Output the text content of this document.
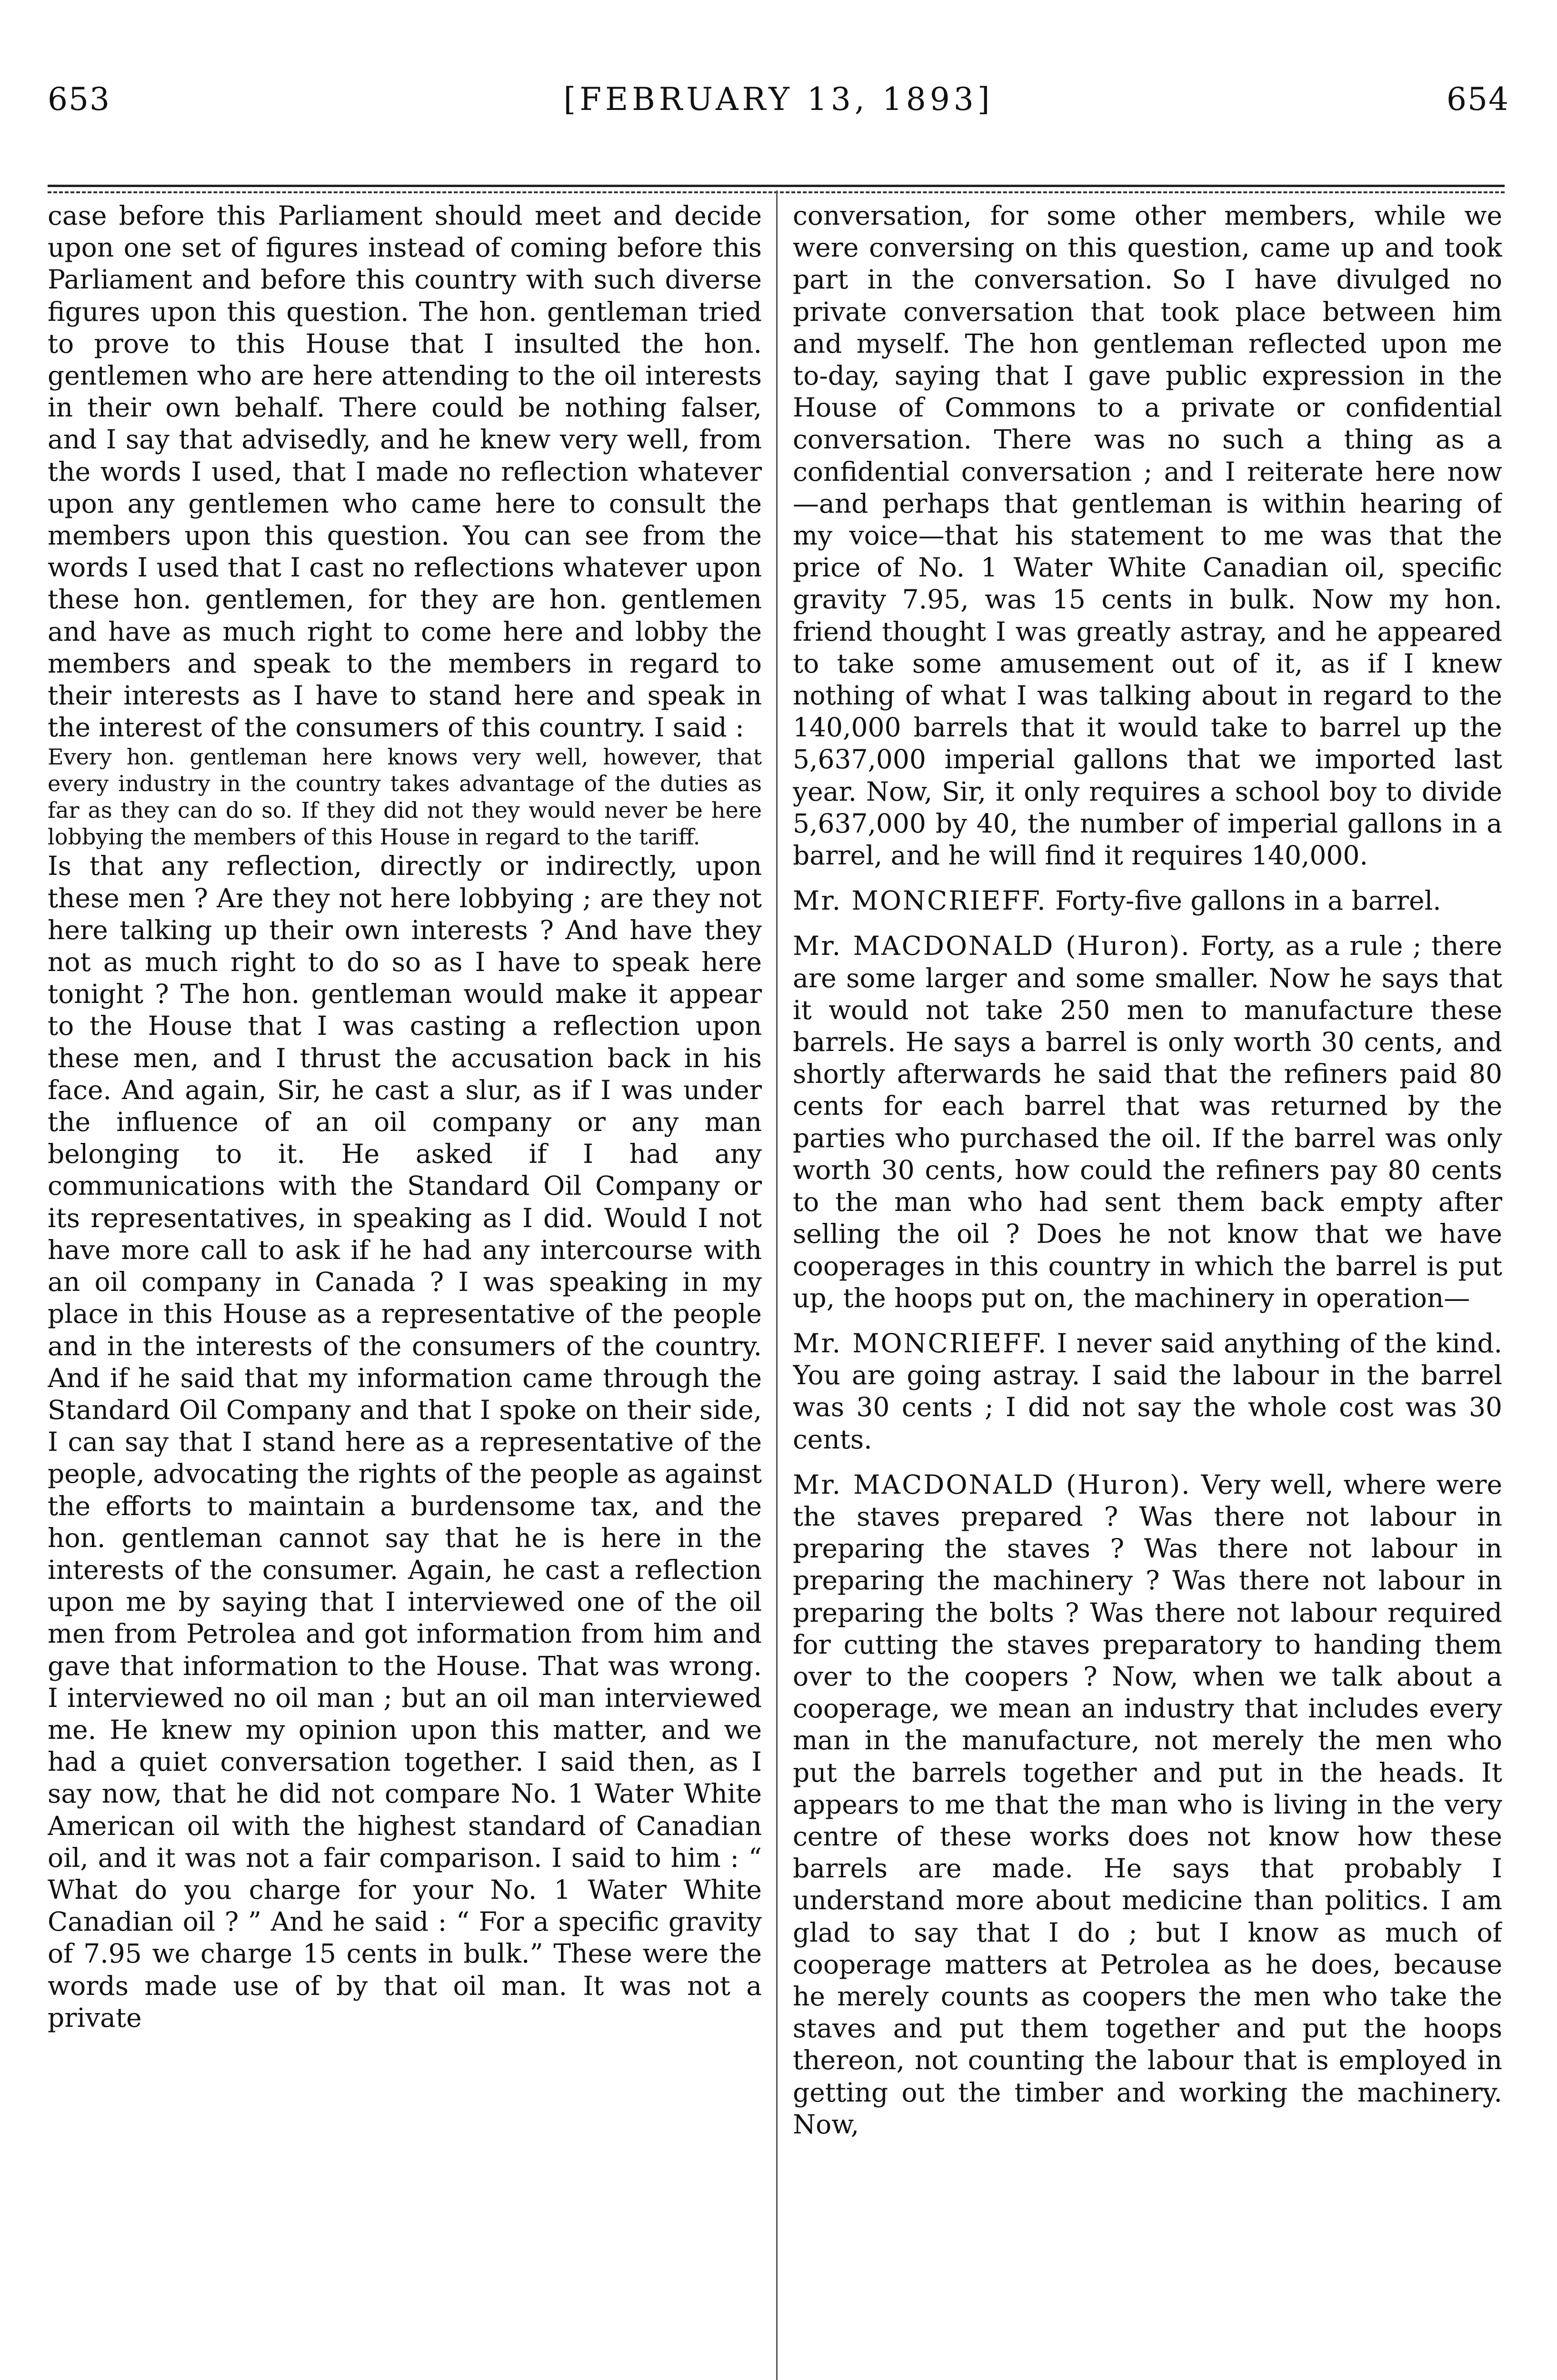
653	[FEBRUARY 13, 1893]	654

case before this Parliament should meet and decide upon one set of figures instead of coming before this Parliament and before this country with such diverse figures upon this question. The hon. gentleman tried to prove to this House that I insulted the hon. gentlemen who are here attending to the oil interests in their own behalf. There could be nothing falser, and I say that advisedly, and he knew very well, from the words I used, that I made no reflection whatever upon any gentlemen who came here to consult the members upon this question. You can see from the words I used that I cast no reflections whatever upon these hon. gentlemen, for they are hon. gentlemen and have as much right to come here and lobby the members and speak to the members in regard to their interests as I have to stand here and speak in the interest of the consumers of this country. I said :

Every hon. gentleman here knows very well, however, that every industry in the country takes advantage of the duties as far as they can do so. If they did not they would never be here lobbying the members of this House in regard to the tariff.

Is that any reflection, directly or indirectly, upon these men ? Are they not here lobbying ; are they not here talking up their own interests ? And have they not as much right to do so as I have to speak here tonight ? The hon. gentleman would make it appear to the House that I was casting a reflection upon these men, and I thrust the accusation back in his face. And again, Sir, he cast a slur, as if I was under the influence of an oil company or any man belonging to it. He asked if I had any communications with the Standard Oil Company or its representatives, in speaking as I did. Would I not have more call to ask if he had any intercourse with an oil company in Canada ? I was speaking in my place in this House as a representative of the people and in the interests of the consumers of the country. And if he said that my information came through the Standard Oil Company and that I spoke on their side, I can say that I stand here as a representative of the people, advocating the rights of the people as against the efforts to maintain a burdensome tax, and the hon. gentleman cannot say that he is here in the interests of the consumer. Again, he cast a reflection upon me by saying that I interviewed one of the oil men from Petrolea and got information from him and gave that information to the House. That was wrong. I interviewed no oil man ; but an oil man interviewed me. He knew my opinion upon this matter, and we had a quiet conversation together. I said then, as I say now, that he did not compare No. 1 Water White American oil with the highest standard of Canadian oil, and it was not a fair comparison. I said to him : “ What do you charge for your No. 1 Water White Canadian oil ? ” And he said : “ For a specific gravity of 7.95 we charge 15 cents in bulk.” These were the words made use of by that oil man. It was not a private

conversation, for some other members, while we were conversing on this question, came up and took part in the conversation. So I have divulged no private conversation that took place between him and myself. The hon gentleman reflected upon me to-day, saying that I gave public expression in the House of Commons to a private or confidential conversation. There was no such a thing as a confidential conversation ; and I reiterate here now—and perhaps that gentleman is within hearing of my voice—that his statement to me was that the price of No. 1 Water White Canadian oil, specific gravity 7.95, was 15 cents in bulk. Now my hon. friend thought I was greatly astray, and he appeared to take some amusement out of it, as if I knew nothing of what I was talking about in regard to the 140,000 barrels that it would take to barrel up the 5,637,000 imperial gallons that we imported last year. Now, Sir, it only requires a school boy to divide 5,637,000 by 40, the number of imperial gallons in a barrel, and he will find it requires 140,000.

Mr. MONCRIEFF. Forty-five gallons in a barrel.

Mr. MACDONALD (Huron). Forty, as a rule ; there are some larger and some smaller. Now he says that it would not take 250 men to manufacture these barrels. He says a barrel is only worth 30 cents, and shortly afterwards he said that the refiners paid 80 cents for each barrel that was returned by the parties who purchased the oil. If the barrel was only worth 30 cents, how could the refiners pay 80 cents to the man who had sent them back empty after selling the oil ? Does he not know that we have cooperages in this country in which the barrel is put up, the hoops put on, the machinery in operation—

Mr. MONCRIEFF. I never said anything of the kind. You are going astray. I said the labour in the barrel was 30 cents ; I did not say the whole cost was 30 cents.

Mr. MACDONALD (Huron). Very well, where were the staves prepared ? Was there not labour in preparing the staves ? Was there not labour in preparing the machinery ? Was there not labour in preparing the bolts ? Was there not labour required for cutting the staves preparatory to handing them over to the coopers ? Now, when we talk about a cooperage, we mean an industry that includes every man in the manufacture, not merely the men who put the barrels together and put in the heads. It appears to me that the man who is living in the very centre of these works does not know how these barrels are made. He says that probably I understand more about medicine than politics. I am glad to say that I do ; but I know as much of cooperage matters at Petrolea as he does, because he merely counts as coopers the men who take the staves and put them together and put the hoops thereon, not counting the labour that is employed in getting out the timber and working the machinery. Now,
